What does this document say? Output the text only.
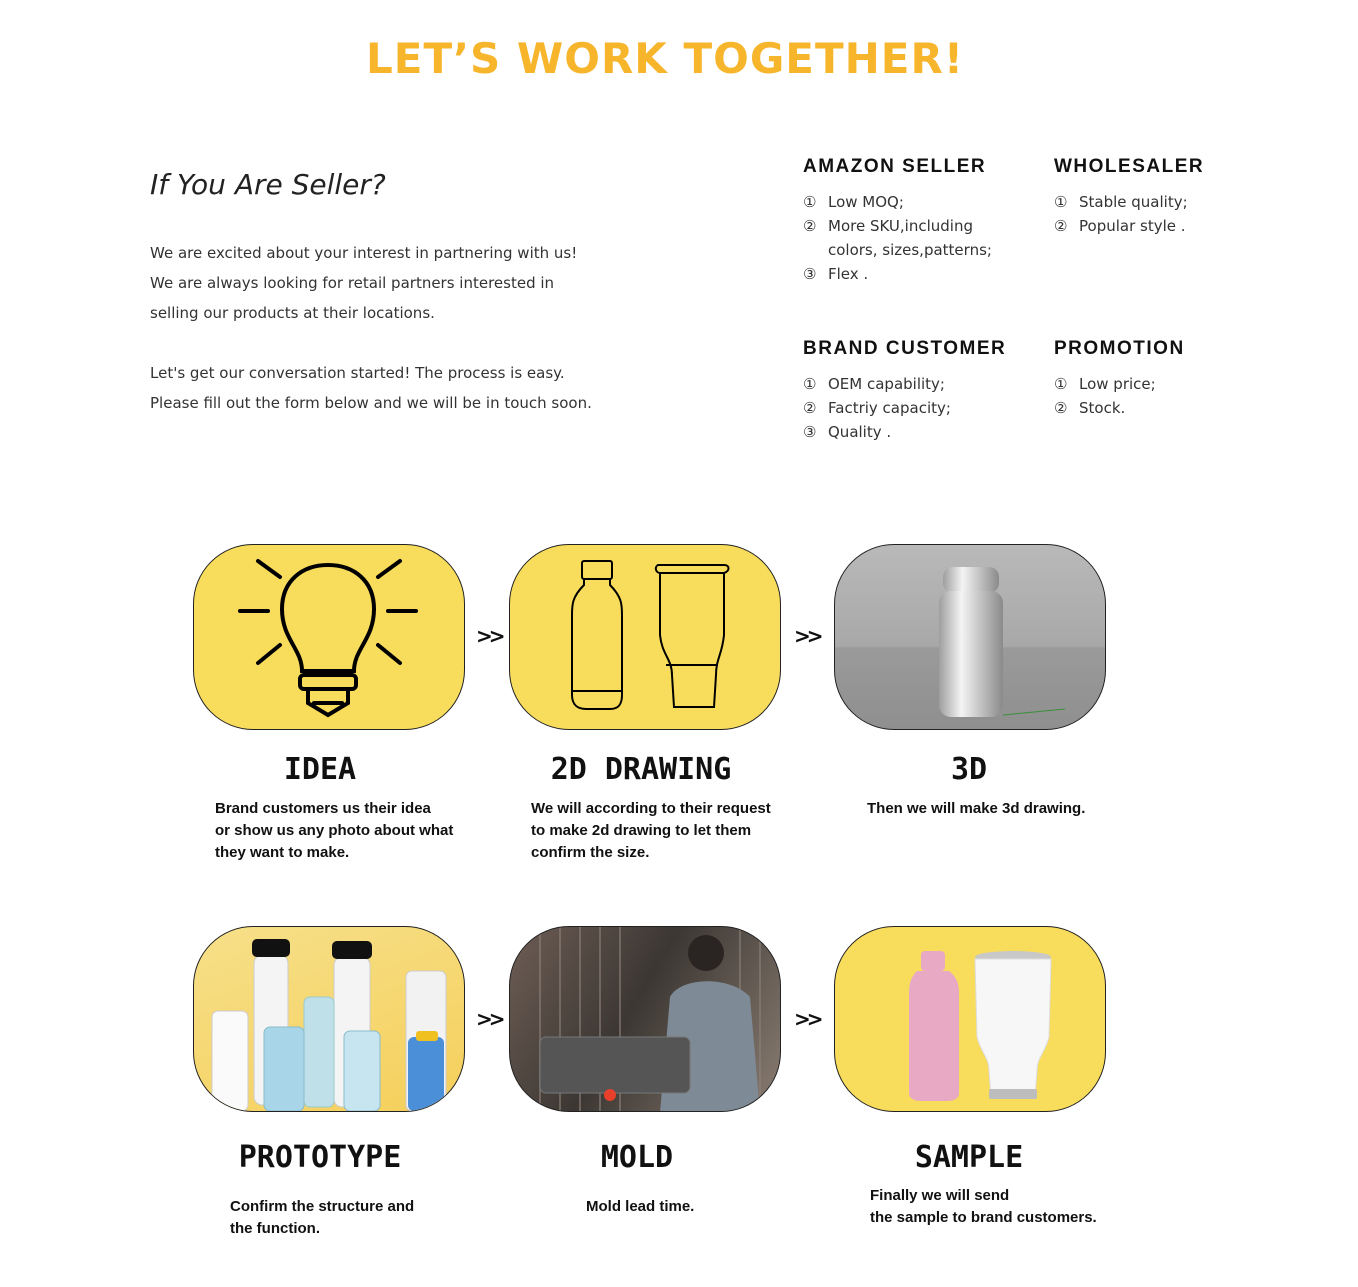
LET’S WORK TOGETHER!
If You Are Seller?
We are excited about your interest in partnering with us!
We are always looking for retail partners interested in
selling our products at their locations.
Let's get our conversation started! The process is easy.
Please fill out the form below and we will be in touch soon.
AMAZON SELLER
① Low MOQ;
② More SKU,including colors, sizes,patterns;
③ Flex .
WHOLESALER
① Stable quality;
② Popular style .
BRAND CUSTOMER
① OEM capability;
② Factriy capacity;
③ Quality .
PROMOTION
① Low price;
② Stock.
>>	>>
IDEA
Brand customers us their idea
or show us any photo about what
they want to make.
2D DRAWING
We will according to their request
to make 2d drawing to let them
confirm the size.
3D
Then we will make 3d drawing.
>>	>>
PROTOTYPE
Confirm the structure and
the function.
MOLD
Mold lead time.
SAMPLE
Finally we will send
the sample to brand customers.
